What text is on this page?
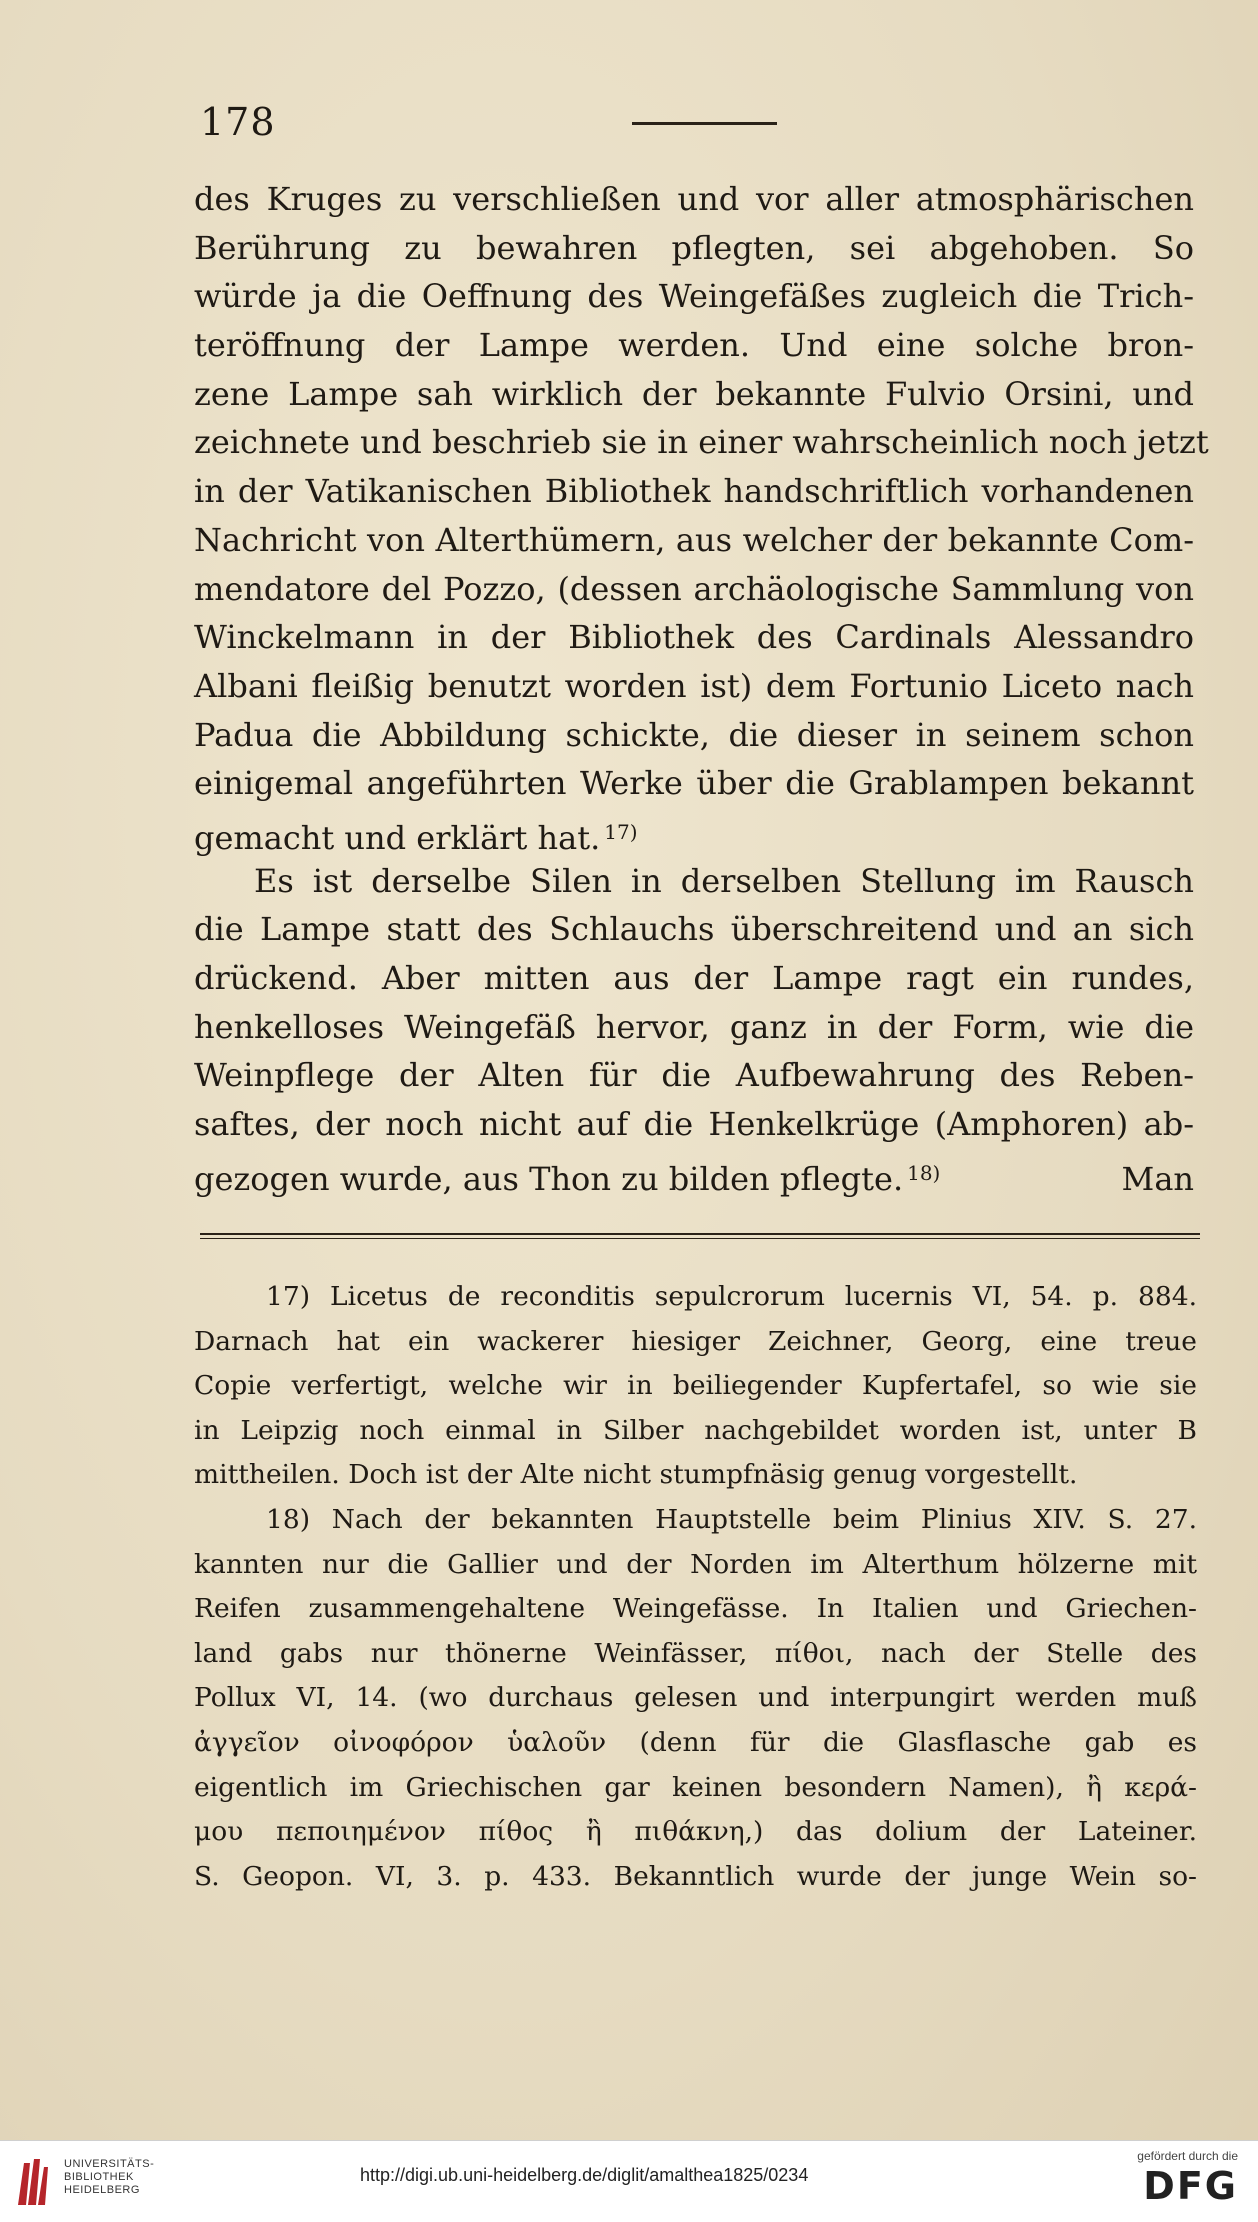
178

des Kruges zu verschließen und vor aller atmosphärischen
Berührung zu bewahren pflegten, sei abgehoben. So
würde ja die Oeffnung des Weingefäßes zugleich die Trich-
teröffnung der Lampe werden. Und eine solche bron-
zene Lampe sah wirklich der bekannte Fulvio Orsini, und
zeichnete und beschrieb sie in einer wahrscheinlich noch jetzt
in der Vatikanischen Bibliothek handschriftlich vorhandenen
Nachricht von Alterthümern, aus welcher der bekannte Com-
mendatore del Pozzo, (dessen archäologische Sammlung von
Winckelmann in der Bibliothek des Cardinals Alessandro
Albani fleißig benutzt worden ist) dem Fortunio Liceto nach
Padua die Abbildung schickte, die dieser in seinem schon
einigemal angeführten Werke über die Grablampen bekannt
gemacht und erklärt hat. $^{17)}$

Es ist derselbe Silen in derselben Stellung im Rausch
die Lampe statt des Schlauchs überschreitend und an sich
drückend. Aber mitten aus der Lampe ragt ein rundes,
henkelloses Weingefäß hervor, ganz in der Form, wie die
Weinpflege der Alten für die Aufbewahrung des Reben-
saftes, der noch nicht auf die Henkelkrüge (Amphoren) ab-
gezogen wurde, aus Thon zu bilden pflegte. $^{18)}$	Man

17) Licetus de reconditis sepulcrorum lucernis VI, 54. p. 884.
Darnach hat ein wackerer hiesiger Zeichner, Georg, eine treue
Copie verfertigt, welche wir in beiliegender Kupfertafel, so wie sie
in Leipzig noch einmal in Silber nachgebildet worden ist, unter B
mittheilen. Doch ist der Alte nicht stumpfnäsig genug vorgestellt.
18) Nach der bekannten Hauptstelle beim Plinius XIV. S. 27.
kannten nur die Gallier und der Norden im Alterthum hölzerne mit
Reifen zusammengehaltene Weingefässe. In Italien und Griechen-
land gabs nur thönerne Weinfässer, πίθοι, nach der Stelle des
Pollux VI, 14. (wo durchaus gelesen und interpungirt werden muß
ἀγγεῖον οἰνοφόρον ὑαλοῦν (denn für die Glasflasche gab es
eigentlich im Griechischen gar keinen besondern Namen), ἢ κερά-
μου πεποιημένον πίθος ἢ πιθάκνη,) das dolium der Lateiner.
S. Geopon. VI, 3. p. 433. Bekanntlich wurde der junge Wein so-
UNIVERSITÄTS-
BIBLIOTHEK
HEIDELBERG
http://digi.ub.uni-heidelberg.de/diglit/amalthea1825/0234
gefördert durch die
DFG
